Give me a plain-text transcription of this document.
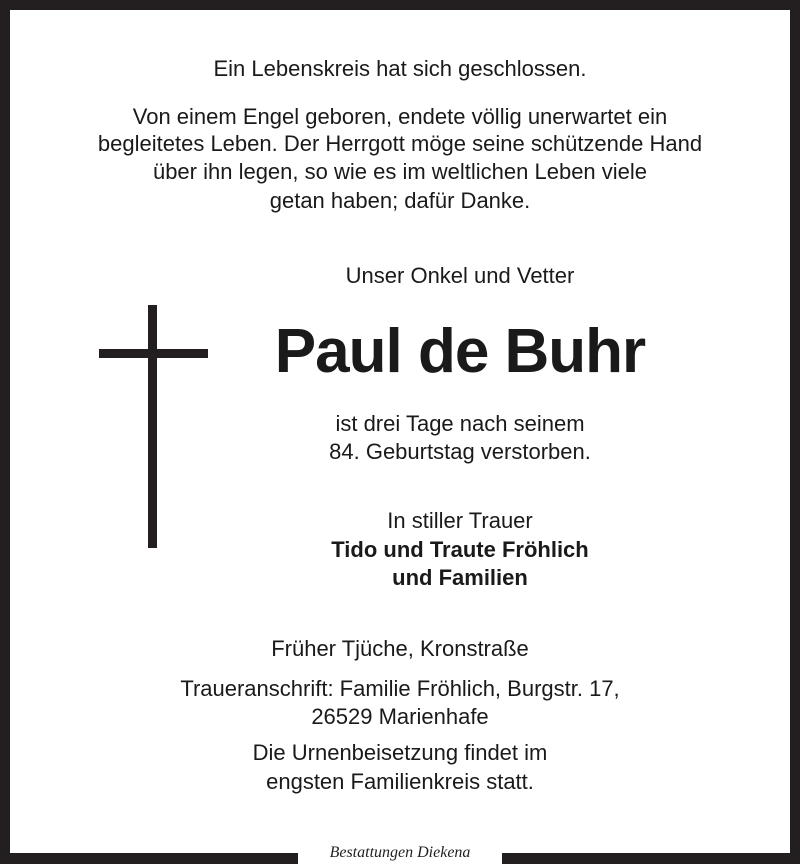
Ein Lebenskreis hat sich geschlossen.
Von einem Engel geboren, endete völlig unerwartet ein
begleitetes Leben. Der Herrgott möge seine schützende Hand
über ihn legen, so wie es im weltlichen Leben viele
getan haben; dafür Danke.
Unser Onkel und Vetter
Paul de Buhr
ist drei Tage nach seinem
84. Geburtstag verstorben.
In stiller Trauer
Tido und Traute Fröhlich
und Familien
Früher Tjüche, Kronstraße
Traueranschrift: Familie Fröhlich, Burgstr. 17,
26529 Marienhafe
Die Urnenbeisetzung findet im
engsten Familienkreis statt.
Bestattungen Diekena
